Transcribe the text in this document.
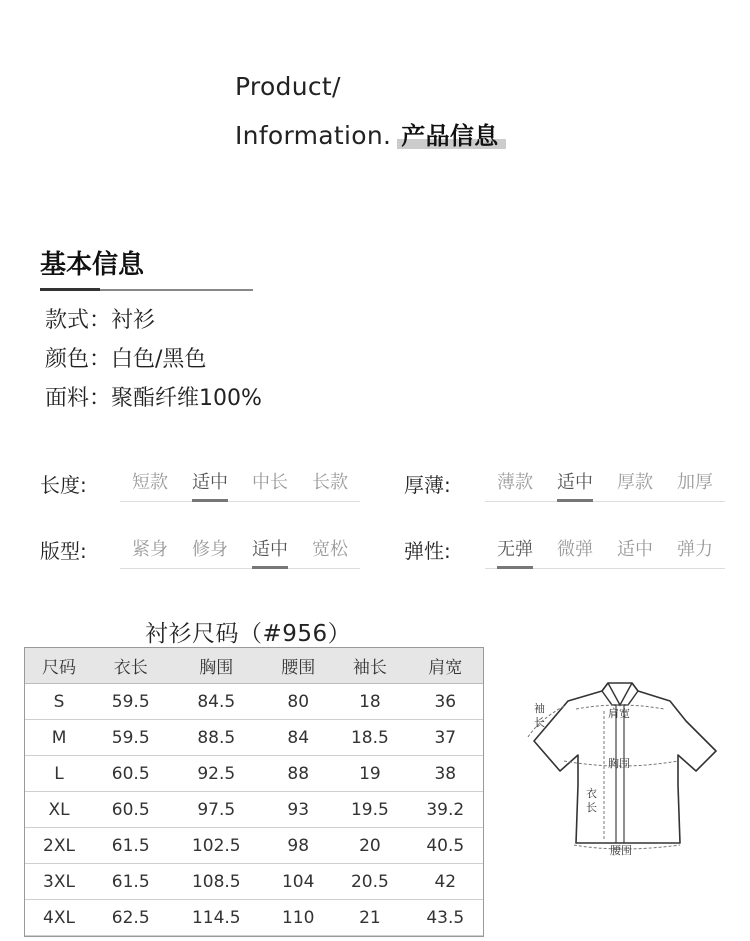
Product/
Information. 产品信息
基本信息
款式：衬衫
颜色：白色/黑色
面料：聚酯纤维100%
长度:	短款	适中	中长	长款	厚薄:	薄款	适中	厚款	加厚
版型:	紧身	修身	适中	宽松	弹性:	无弹	微弹	适中	弹力
衬衫尺码（#956）
尺码	衣长	胸围	腰围	袖长	肩宽
S	59.5	84.5	80	18	36
M	59.5	88.5	84	18.5	37
L	60.5	92.5	88	19	38
XL	60.5	97.5	93	19.5	39.2
2XL	61.5	102.5	98	20	40.5
3XL	61.5	108.5	104	20.5	42
4XL	62.5	114.5	110	21	43.5
肩宽
胸围
腰围
衣
长
袖
长
